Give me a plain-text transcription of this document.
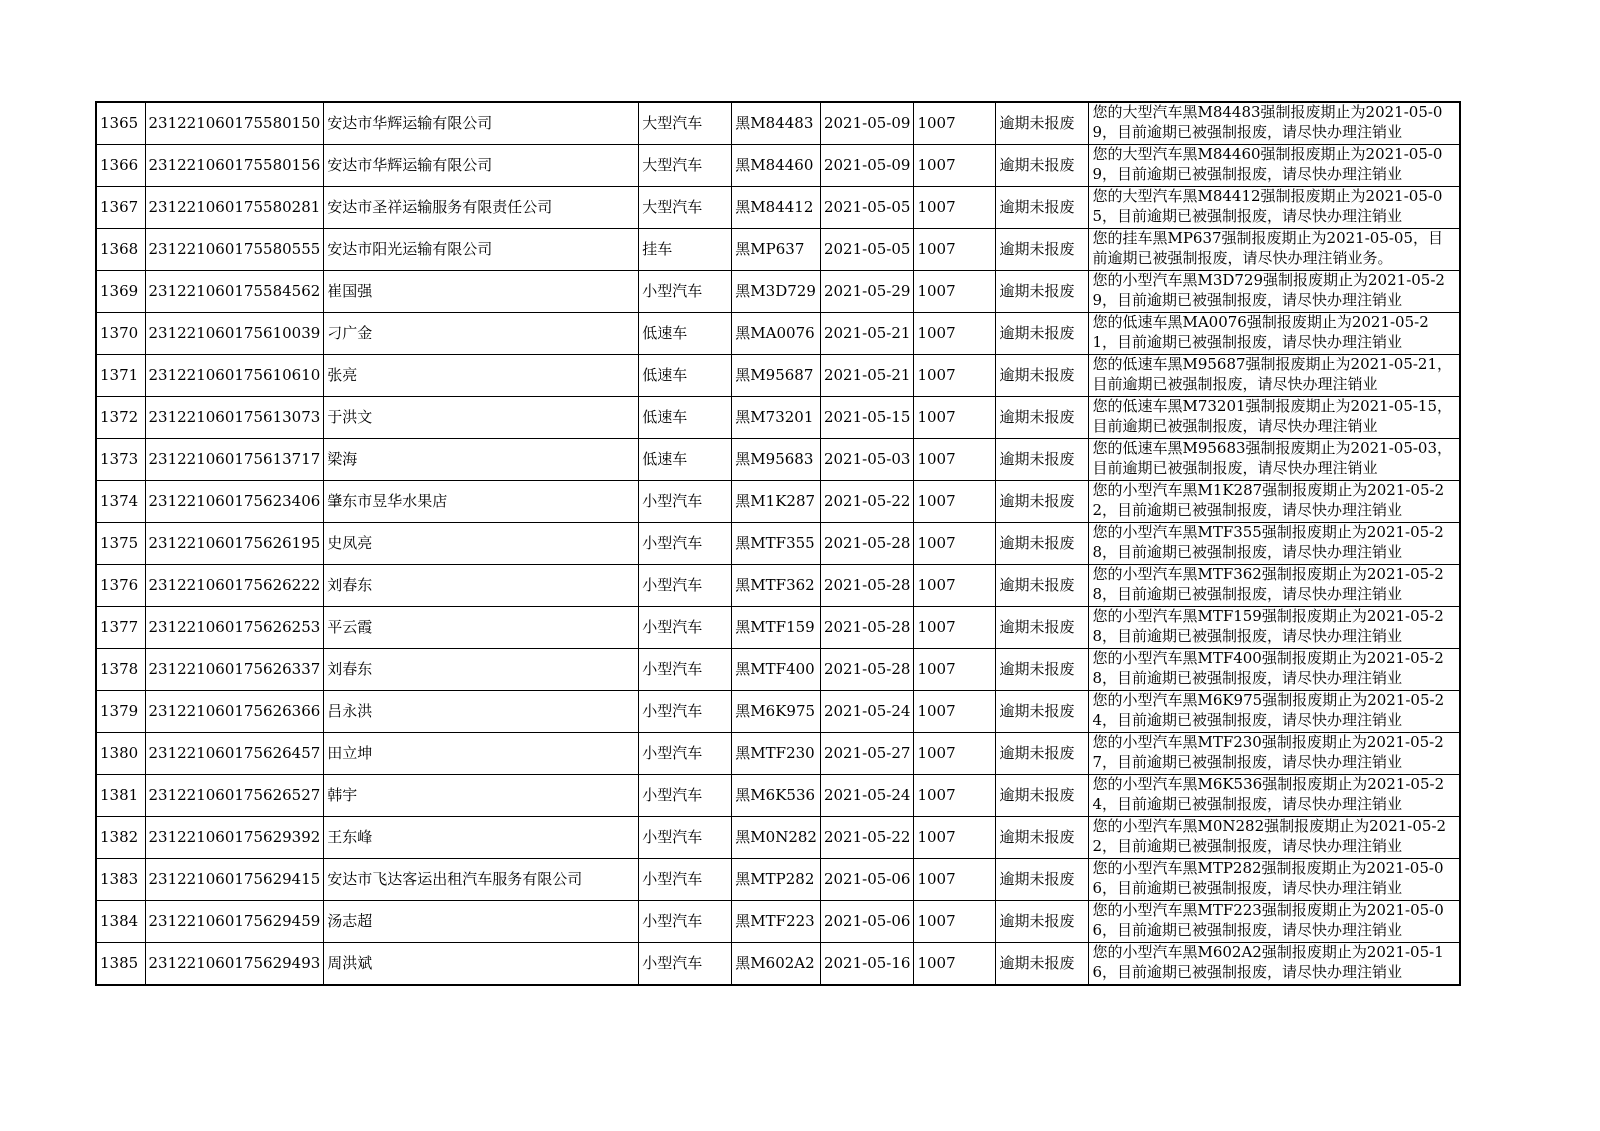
1365	231221060175580150	安达市华辉运输有限公司	大型汽车	黑M84483	2021-05-09	1007	逾期未报废	您的大型汽车黑M84483强制报废期止为2021-05-09，目前逾期已被强制报废，请尽快办理注销业

1366	231221060175580156	安达市华辉运输有限公司	大型汽车	黑M84460	2021-05-09	1007	逾期未报废	您的大型汽车黑M84460强制报废期止为2021-05-09，目前逾期已被强制报废，请尽快办理注销业

1367	231221060175580281	安达市圣祥运输服务有限责任公司	大型汽车	黑M84412	2021-05-05	1007	逾期未报废	您的大型汽车黑M84412强制报废期止为2021-05-05，目前逾期已被强制报废，请尽快办理注销业

1368	231221060175580555	安达市阳光运输有限公司	挂车	黑MP637	2021-05-05	1007	逾期未报废	您的挂车黑MP637强制报废期止为2021-05-05，目前逾期已被强制报废，请尽快办理注销业务。

1369	231221060175584562	崔国强	小型汽车	黑M3D729	2021-05-29	1007	逾期未报废	您的小型汽车黑M3D729强制报废期止为2021-05-29，目前逾期已被强制报废，请尽快办理注销业

1370	231221060175610039	刁广金	低速车	黑MA0076	2021-05-21	1007	逾期未报废	您的低速车黑MA0076强制报废期止为2021-05-21，目前逾期已被强制报废，请尽快办理注销业

1371	231221060175610610	张亮	低速车	黑M95687	2021-05-21	1007	逾期未报废	您的低速车黑M95687强制报废期止为2021-05-21，目前逾期已被强制报废，请尽快办理注销业

1372	231221060175613073	于洪文	低速车	黑M73201	2021-05-15	1007	逾期未报废	您的低速车黑M73201强制报废期止为2021-05-15，目前逾期已被强制报废，请尽快办理注销业

1373	231221060175613717	梁海	低速车	黑M95683	2021-05-03	1007	逾期未报废	您的低速车黑M95683强制报废期止为2021-05-03，目前逾期已被强制报废，请尽快办理注销业

1374	231221060175623406	肇东市昱华水果店	小型汽车	黑M1K287	2021-05-22	1007	逾期未报废	您的小型汽车黑M1K287强制报废期止为2021-05-22，目前逾期已被强制报废，请尽快办理注销业

1375	231221060175626195	史凤亮	小型汽车	黑MTF355	2021-05-28	1007	逾期未报废	您的小型汽车黑MTF355强制报废期止为2021-05-28，目前逾期已被强制报废，请尽快办理注销业

1376	231221060175626222	刘春东	小型汽车	黑MTF362	2021-05-28	1007	逾期未报废	您的小型汽车黑MTF362强制报废期止为2021-05-28，目前逾期已被强制报废，请尽快办理注销业

1377	231221060175626253	平云霞	小型汽车	黑MTF159	2021-05-28	1007	逾期未报废	您的小型汽车黑MTF159强制报废期止为2021-05-28，目前逾期已被强制报废，请尽快办理注销业

1378	231221060175626337	刘春东	小型汽车	黑MTF400	2021-05-28	1007	逾期未报废	您的小型汽车黑MTF400强制报废期止为2021-05-28，目前逾期已被强制报废，请尽快办理注销业

1379	231221060175626366	吕永洪	小型汽车	黑M6K975	2021-05-24	1007	逾期未报废	您的小型汽车黑M6K975强制报废期止为2021-05-24，目前逾期已被强制报废，请尽快办理注销业

1380	231221060175626457	田立坤	小型汽车	黑MTF230	2021-05-27	1007	逾期未报废	您的小型汽车黑MTF230强制报废期止为2021-05-27，目前逾期已被强制报废，请尽快办理注销业

1381	231221060175626527	韩宇	小型汽车	黑M6K536	2021-05-24	1007	逾期未报废	您的小型汽车黑M6K536强制报废期止为2021-05-24，目前逾期已被强制报废，请尽快办理注销业

1382	231221060175629392	王东峰	小型汽车	黑M0N282	2021-05-22	1007	逾期未报废	您的小型汽车黑M0N282强制报废期止为2021-05-22，目前逾期已被强制报废，请尽快办理注销业

1383	231221060175629415	安达市飞达客运出租汽车服务有限公司	小型汽车	黑MTP282	2021-05-06	1007	逾期未报废	您的小型汽车黑MTP282强制报废期止为2021-05-06，目前逾期已被强制报废，请尽快办理注销业

1384	231221060175629459	汤志超	小型汽车	黑MTF223	2021-05-06	1007	逾期未报废	您的小型汽车黑MTF223强制报废期止为2021-05-06，目前逾期已被强制报废，请尽快办理注销业

1385	231221060175629493	周洪斌	小型汽车	黑M602A2	2021-05-16	1007	逾期未报废	您的小型汽车黑M602A2强制报废期止为2021-05-16，目前逾期已被强制报废，请尽快办理注销业
